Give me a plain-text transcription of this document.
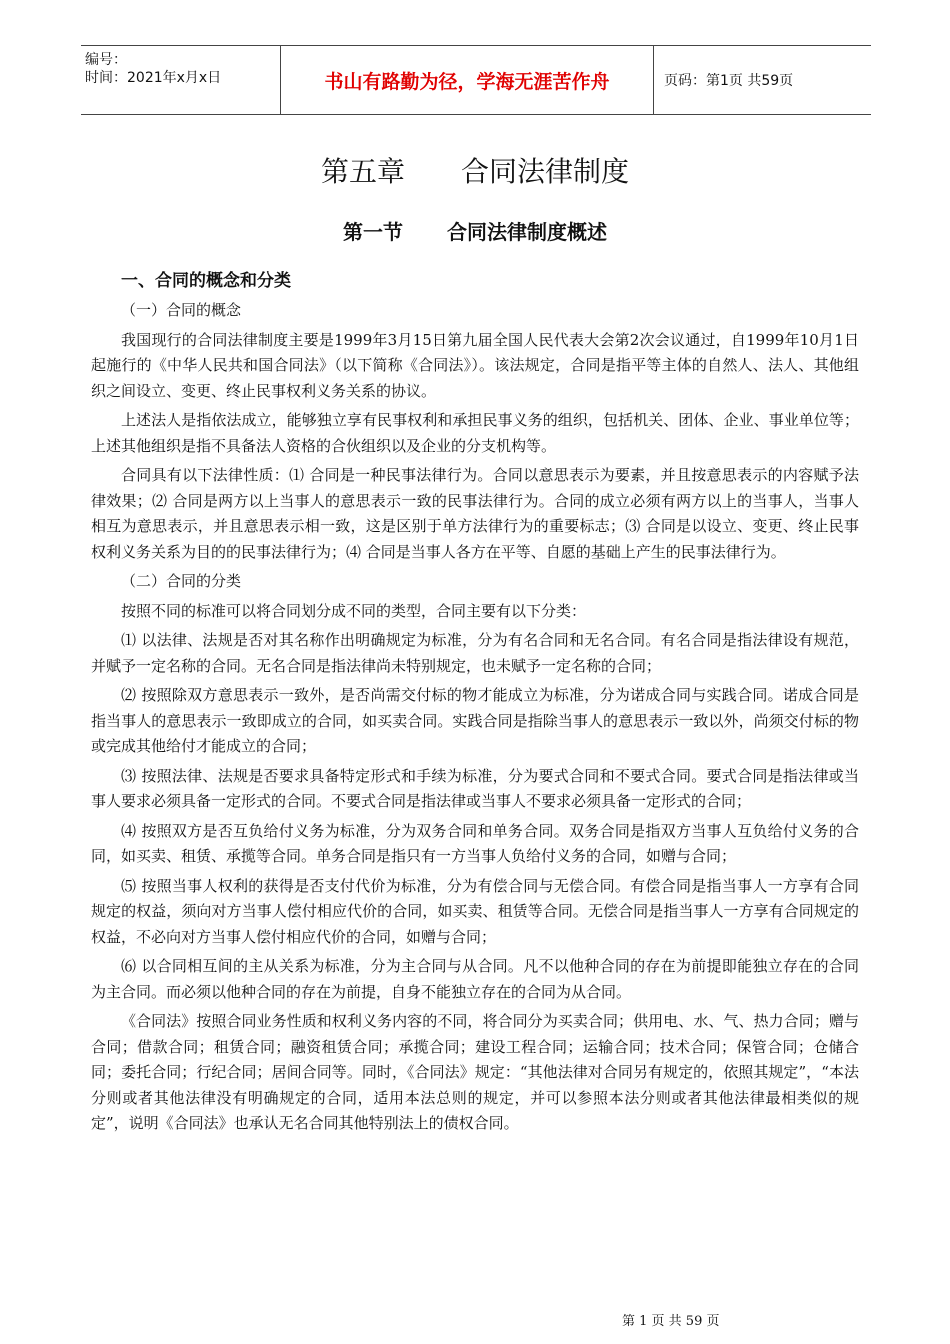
编号：
时间：2021年x月x日	书山有路勤为径，学海无涯苦作舟	页码：第1页 共59页
第五章 合同法律制度
第一节 合同法律制度概述
一、合同的概念和分类

（一）合同的概念

我国现行的合同法律制度主要是1999年3月15日第九届全国人民代表大会第2次会议通过，自1999年10月1日起施行的《中华人民共和国合同法》（以下简称《合同法》）。该法规定，合同是指平等主体的自然人、法人、其他组织之间设立、变更、终止民事权利义务关系的协议。

上述法人是指依法成立，能够独立享有民事权利和承担民事义务的组织，包括机关、团体、企业、事业单位等；上述其他组织是指不具备法人资格的合伙组织以及企业的分支机构等。

合同具有以下法律性质：⑴ 合同是一种民事法律行为。合同以意思表示为要素，并且按意思表示的内容赋予法律效果；⑵ 合同是两方以上当事人的意思表示一致的民事法律行为。合同的成立必须有两方以上的当事人，当事人相互为意思表示，并且意思表示相一致，这是区别于单方法律行为的重要标志；⑶ 合同是以设立、变更、终止民事权利义务关系为目的的民事法律行为；⑷ 合同是当事人各方在平等、自愿的基础上产生的民事法律行为。

（二）合同的分类

按照不同的标准可以将合同划分成不同的类型，合同主要有以下分类：

⑴ 以法律、法规是否对其名称作出明确规定为标准，分为有名合同和无名合同。有名合同是指法律设有规范，并赋予一定名称的合同。无名合同是指法律尚未特别规定，也未赋予一定名称的合同；

⑵ 按照除双方意思表示一致外，是否尚需交付标的物才能成立为标准，分为诺成合同与实践合同。诺成合同是指当事人的意思表示一致即成立的合同，如买卖合同。实践合同是指除当事人的意思表示一致以外，尚须交付标的物或完成其他给付才能成立的合同；

⑶ 按照法律、法规是否要求具备特定形式和手续为标准，分为要式合同和不要式合同。要式合同是指法律或当事人要求必须具备一定形式的合同。不要式合同是指法律或当事人不要求必须具备一定形式的合同；

⑷ 按照双方是否互负给付义务为标准，分为双务合同和单务合同。双务合同是指双方当事人互负给付义务的合同，如买卖、租赁、承揽等合同。单务合同是指只有一方当事人负给付义务的合同，如赠与合同；

⑸ 按照当事人权利的获得是否支付代价为标准，分为有偿合同与无偿合同。有偿合同是指当事人一方享有合同规定的权益，须向对方当事人偿付相应代价的合同，如买卖、租赁等合同。无偿合同是指当事人一方享有合同规定的权益，不必向对方当事人偿付相应代价的合同，如赠与合同；

⑹ 以合同相互间的主从关系为标准，分为主合同与从合同。凡不以他种合同的存在为前提即能独立存在的合同为主合同。而必须以他种合同的存在为前提，自身不能独立存在的合同为从合同。

《合同法》按照合同业务性质和权利义务内容的不同，将合同分为买卖合同；供用电、水、气、热力合同；赠与合同；借款合同；租赁合同；融资租赁合同；承揽合同；建设工程合同；运输合同；技术合同；保管合同；仓储合同；委托合同；行纪合同；居间合同等。同时，《合同法》规定：“其他法律对合同另有规定的，依照其规定”，“本法分则或者其他法律没有明确规定的合同，适用本法总则的规定，并可以参照本法分则或者其他法律最相类似的规定”，说明《合同法》也承认无名合同其他特别法上的债权合同。

第 1 页 共 59 页
